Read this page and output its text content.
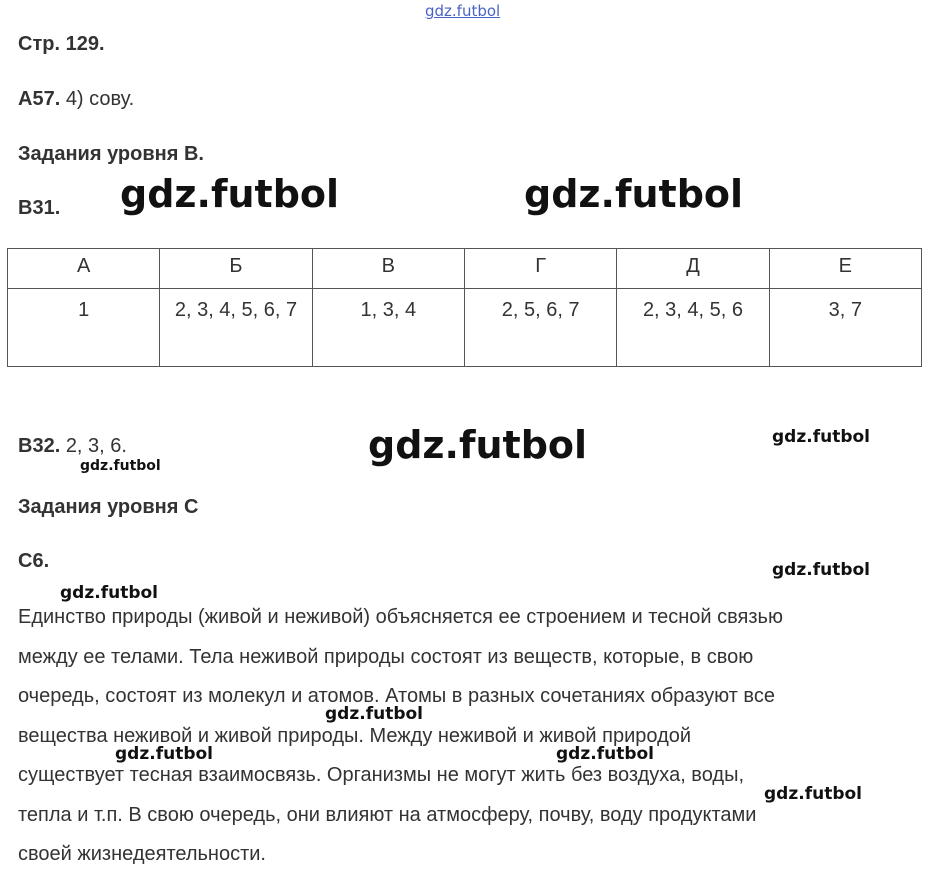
gdz.futbol
Стр. 129.
А57. 4) сову.
Задания уровня В.
В31. gdz.futbol	gdz.futbol
А	Б	В	Г	Д	Е
1	2, 3, 4, 5, 6, 7	1, 3, 4	2, 5, 6, 7	2, 3, 4, 5, 6	3, 7
В32. 2, 3, 6.	gdz.futbol	gdz.futbol
gdz.futbol
Задания уровня С
С6.	gdz.futbol
gdz.futbol
Единство природы (живой и неживой) объясняется ее строением и тесной связью
между ее телами. Тела неживой природы состоят из веществ, которые, в свою
очередь, состоят из молекул и атомов. Атомы в разных сочетаниях образуют все
вещества неживой и живой природы. Между неживой и живой природой
существует тесная взаимосвязь. Организмы не могут жить без воздуха, воды,
тепла и т.п. В свою очередь, они влияют на атмосферу, почву, воду продуктами
своей жизнедеятельности.
gdz.futbol
gdz.futbol	gdz.futbol
gdz.futbol
